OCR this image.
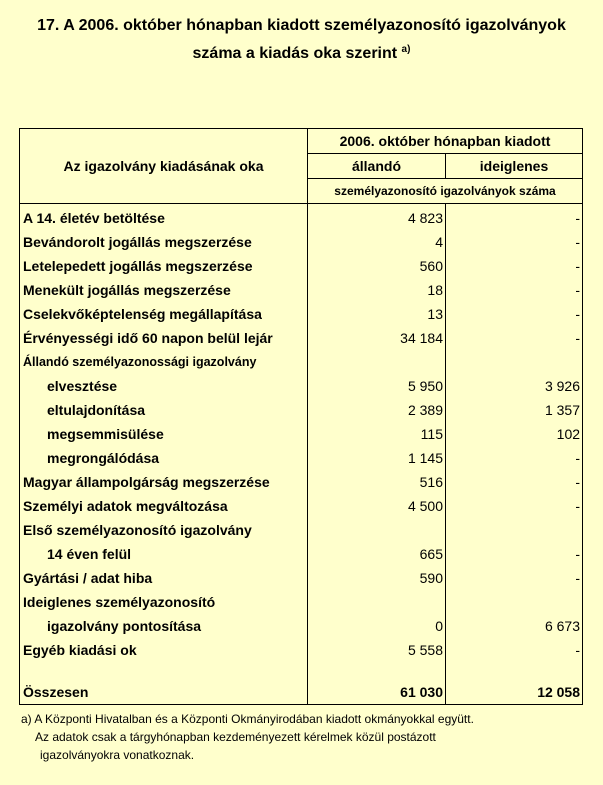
17. A 2006. október hónapban kiadott személyazonosító igazolványok
száma a kiadás oka szerint $^{a)}$
Az igazolvány kiadásának oka	2006. október hónapban kiadott	
	állandó	ideiglenes
	személyazonosító igazolványok száma	
A 14. életév betöltése	4 823	-
Bevándorolt jogállás megszerzése	4	-
Letelepedett jogállás megszerzése	560	-
Menekült jogállás megszerzése	18	-
Cselekvőképtelenség megállapítása	13	-
Érvényességi idő 60 napon belül lejár	34 184	-
Állandó személyazonossági igazolvány		
elvesztése	5 950	3 926
eltulajdonítása	2 389	1 357
megsemmisülése	115	102
megrongálódása	1 145	-
Magyar állampolgárság megszerzése	516	-
Személyi adatok megváltozása	4 500	-
Első személyazonosító igazolvány		
14 éven felül	665	-
Gyártási / adat hiba	590	-
Ideiglenes személyazonosító		
igazolvány pontosítása	0	6 673
Egyéb kiadási ok	5 558	-

Összesen	61 030	12 058
a) A Központi Hivatalban és a Központi Okmányirodában kiadott okmányokkal együtt.
Az adatok csak a tárgyhónapban kezdeményezett kérelmek közül postázott
igazolványokra vonatkoznak.
